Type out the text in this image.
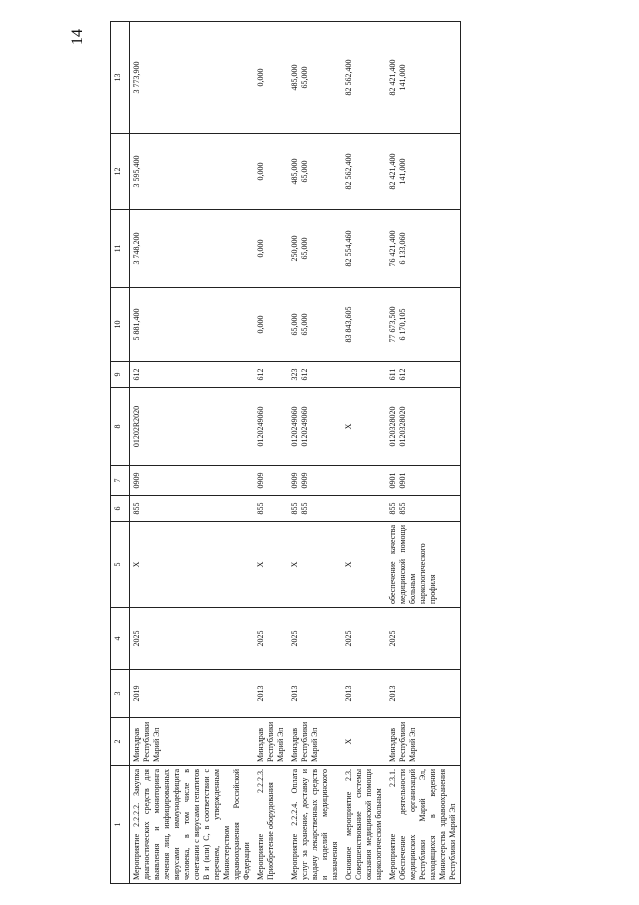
14
1	2	3	4	5	6	7	8	9	10	11	12	13
Мероприятие 2.2.2.2. Закупка диагностических средств для выявления и мониторинга лечения лиц, инфицированных вирусами иммунодефицита человека, в том числе в сочетании с вирусами гепатитов В и (или) С, в соответствии с перечнем, утвержденным Министерством здравоохранения Российской Федерации	Минздрав Республики Марий Эл	2019	2025	Х	855	0909	01202R2020	612	5 881,400	3 748,200	3 595,400	3 773,900

Мероприятие 2.2.2.3. Приобретение оборудования	Минздрав Республики Марий Эл	2013	2025	Х	855	0909	0120249060	612	0,000	0,000	0,000	0,000

Мероприятие 2.2.2.4. Оплата услуг за хранение, доставку и выдачу лекарственных средств и изделий медицинского назначения	Минздрав Республики Марий Эл	2013	2025	Х	855 855	0909 0909	0120249060 0120249060	323 612	65,000 65,000	250,000 65,000	485,000 65,000	485,000 65,000

Основное мероприятие 2.3. Совершенствование системы оказания медицинской помощи наркологическим больным	Х	2013	2025	Х			Х		83 843,605	82 554,460	82 562,400	82 562,400

Мероприятие 2.3.1. Обеспечение деятельности медицинских организаций Республики Марий Эл, находящихся в ведении Министерства здравоохранения Республики Марий Эл	Минздрав Республики Марий Эл	2013	2025	обеспечение качества медицинской помощи больным наркологического профиля	855 855	0901 0901	0120328020 0120328020	611 612	77 673,500 6 170,105	76 421,400 6 133,060	82 421,400 141,000	82 421,400 141,000
